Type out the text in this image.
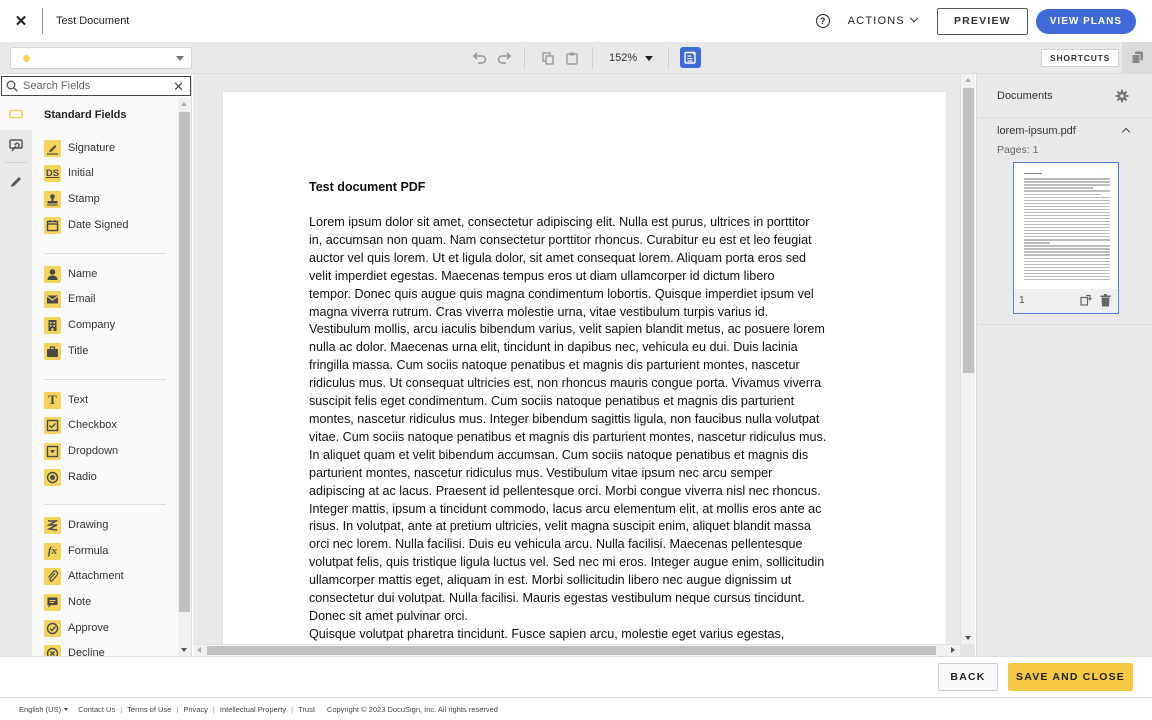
✕	Test Document	?	ACTIONS	PREVIEW	VIEW PLANS
152%	SHORTCUTS
Search Fields
✕
Standard Fields
Signature
DS Initial
Stamp
Date Signed
Name
Email
Company
Title
T	Text
Checkbox
Dropdown
Radio
Drawing
fx Formula
Attachment
Note
Approve
Decline
Test document PDF

Lorem ipsum dolor sit amet, consectetur adipiscing elit. Nulla est purus, ultrices in porttitor

in, accumsan non quam. Nam consectetur porttitor rhoncus. Curabitur eu est et leo feugiat

auctor vel quis lorem. Ut et ligula dolor, sit amet consequat lorem. Aliquam porta eros sed

velit imperdiet egestas. Maecenas tempus eros ut diam ullamcorper id dictum libero

tempor. Donec quis augue quis magna condimentum lobortis. Quisque imperdiet ipsum vel

magna viverra rutrum. Cras viverra molestie urna, vitae vestibulum turpis varius id.

Vestibulum mollis, arcu iaculis bibendum varius, velit sapien blandit metus, ac posuere lorem

nulla ac dolor. Maecenas urna elit, tincidunt in dapibus nec, vehicula eu dui. Duis lacinia

fringilla massa. Cum sociis natoque penatibus et magnis dis parturient montes, nascetur

ridiculus mus. Ut consequat ultricies est, non rhoncus mauris congue porta. Vivamus viverra

suscipit felis eget condimentum. Cum sociis natoque penatibus et magnis dis parturient

montes, nascetur ridiculus mus. Integer bibendum sagittis ligula, non faucibus nulla volutpat

vitae. Cum sociis natoque penatibus et magnis dis parturient montes, nascetur ridiculus mus.

In aliquet quam et velit bibendum accumsan. Cum sociis natoque penatibus et magnis dis

parturient montes, nascetur ridiculus mus. Vestibulum vitae ipsum nec arcu semper

adipiscing at ac lacus. Praesent id pellentesque orci. Morbi congue viverra nisl nec rhoncus.

Integer mattis, ipsum a tincidunt commodo, lacus arcu elementum elit, at mollis eros ante ac

risus. In volutpat, ante at pretium ultricies, velit magna suscipit enim, aliquet blandit massa

orci nec lorem. Nulla facilisi. Duis eu vehicula arcu. Nulla facilisi. Maecenas pellentesque

volutpat felis, quis tristique ligula luctus vel. Sed nec mi eros. Integer augue enim, sollicitudin

ullamcorper mattis eget, aliquam in est. Morbi sollicitudin libero nec augue dignissim ut

consectetur dui volutpat. Nulla facilisi. Mauris egestas vestibulum neque cursus tincidunt.

Donec sit amet pulvinar orci.

Quisque volutpat pharetra tincidunt. Fusce sapien arcu, molestie eget varius egestas,

Documents
lorem-ipsum.pdf
Pages: 1
1
BACK	SAVE AND CLOSE
English (US)	Contact Us | Terms of Use | Privacy | Intellectual Property | Trust Copyright © 2023 DocuSign, Inc. All rights reserved
